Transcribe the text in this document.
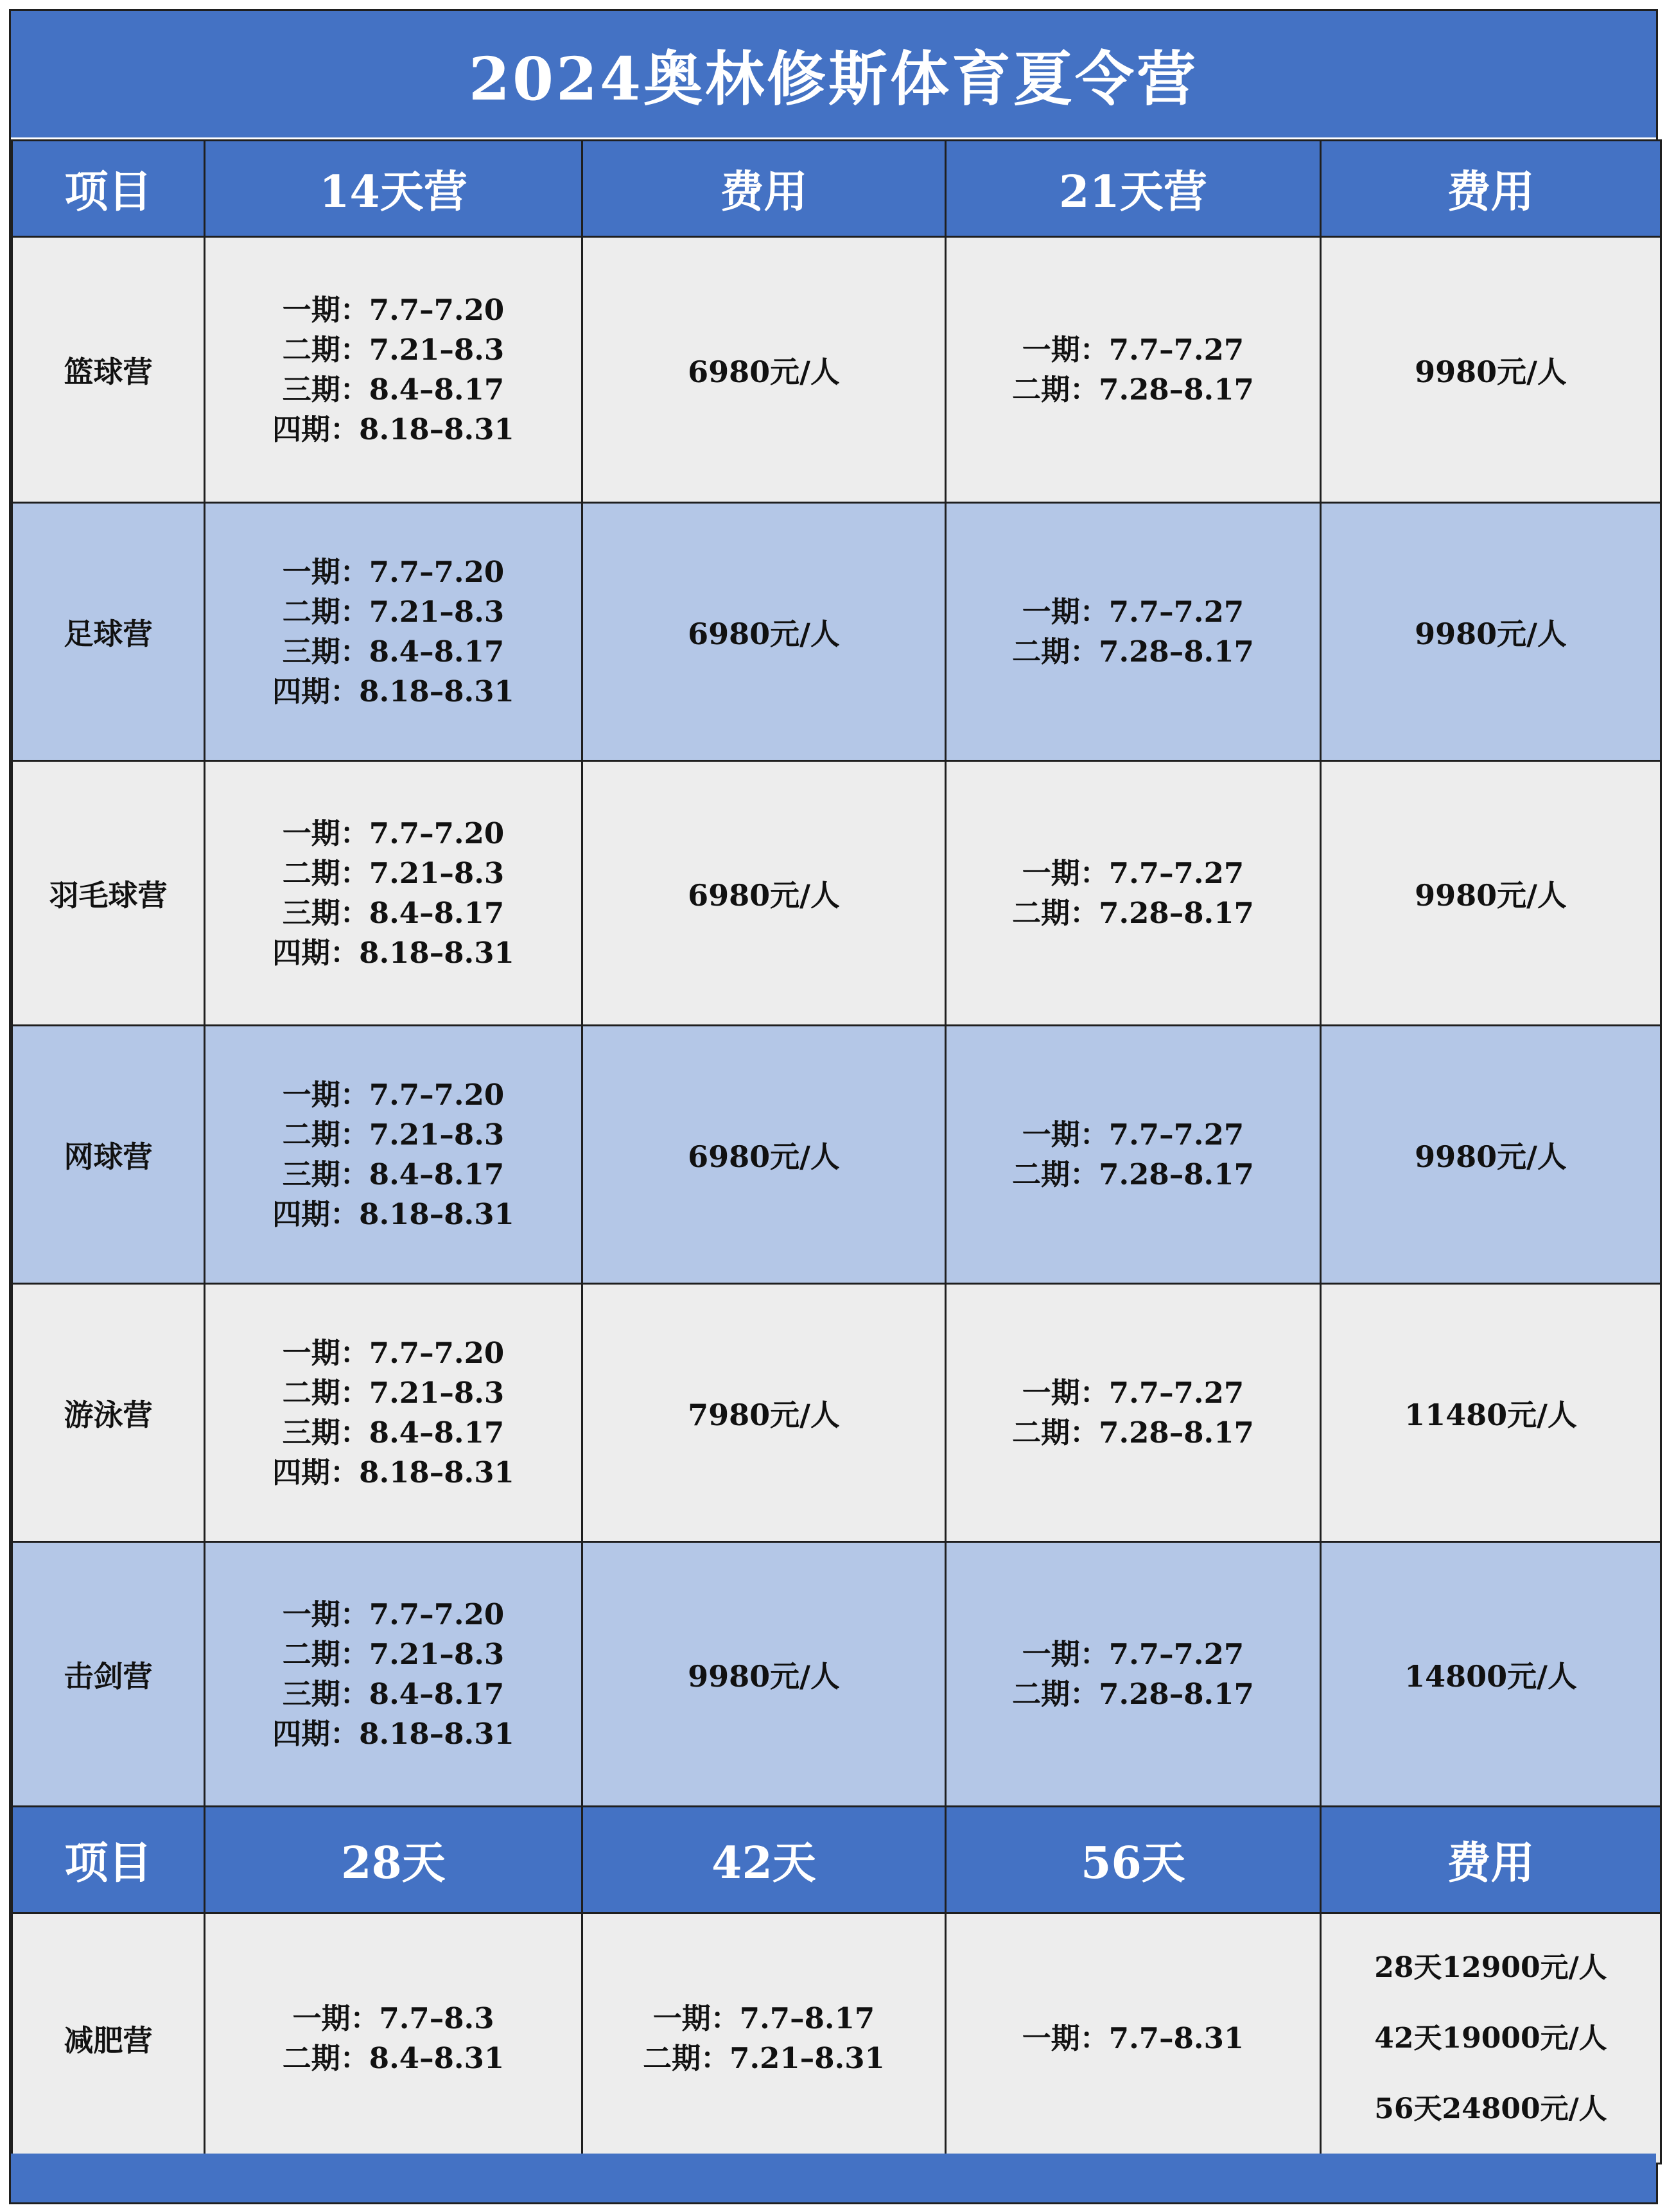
2024奥林修斯体育夏令营
项目	14天营	费用	21天营	费用
篮球营	一期：7.7–7.20
二期：7.21–8.3
三期：8.4–8.17
四期：8.18–8.31	6980元/人	一期：7.7–7.27
二期：7.28–8.17	9980元/人
足球营	一期：7.7–7.20
二期：7.21–8.3
三期：8.4–8.17
四期：8.18–8.31	6980元/人	一期：7.7–7.27
二期：7.28–8.17	9980元/人
羽毛球营	一期：7.7–7.20
二期：7.21–8.3
三期：8.4–8.17
四期：8.18–8.31	6980元/人	一期：7.7–7.27
二期：7.28–8.17	9980元/人
网球营	一期：7.7–7.20
二期：7.21–8.3
三期：8.4–8.17
四期：8.18–8.31	6980元/人	一期：7.7–7.27
二期：7.28–8.17	9980元/人
游泳营	一期：7.7–7.20
二期：7.21–8.3
三期：8.4–8.17
四期：8.18–8.31	7980元/人	一期：7.7–7.27
二期：7.28–8.17	11480元/人
击剑营	一期：7.7–7.20
二期：7.21–8.3
三期：8.4–8.17
四期：8.18–8.31	9980元/人	一期：7.7–7.27
二期：7.28–8.17	14800元/人
项目	28天	42天	56天	费用
减肥营	一期：7.7–8.3
二期：8.4–8.31	一期：7.7–8.17
二期：7.21–8.31	一期：7.7–8.31	28天12900元/人
42天19000元/人
56天24800元/人
